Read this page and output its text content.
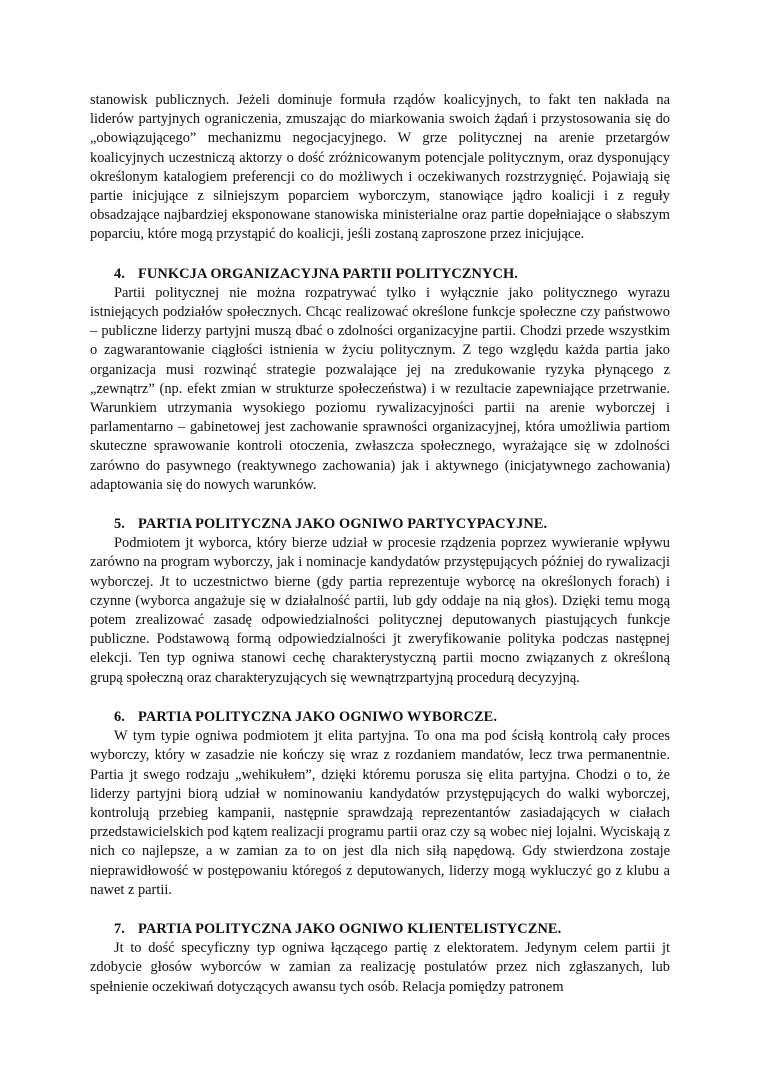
stanowisk publicznych. Jeżeli dominuje formuła rządów koalicyjnych, to fakt ten nakłada na liderów partyjnych ograniczenia, zmuszając do miarkowania swoich żądań i przystosowania się do „obowiązującego” mechanizmu negocjacyjnego. W grze politycznej na arenie przetargów koalicyjnych uczestniczą aktorzy o dość zróżnicowanym potencjale politycznym, oraz dysponujący określonym katalogiem preferencji co do możliwych i oczekiwanych rozstrzygnięć. Pojawiają się partie inicjujące z silniejszym poparciem wyborczym, stanowiące jądro koalicji i z reguły obsadzające najbardziej eksponowane stanowiska ministerialne oraz partie dopełniające o słabszym poparciu, które mogą przystąpić do koalicji, jeśli zostaną zaproszone przez inicjujące.

4. FUNKCJA ORGANIZACYJNA PARTII POLITYCZNYCH.

Partii politycznej nie można rozpatrywać tylko i wyłącznie jako politycznego wyrazu istniejących podziałów społecznych. Chcąc realizować określone funkcje społeczne czy państwowo – publiczne liderzy partyjni muszą dbać o zdolności organizacyjne partii. Chodzi przede wszystkim o zagwarantowanie ciągłości istnienia w życiu politycznym. Z tego względu każda partia jako organizacja musi rozwinąć strategie pozwalające jej na zredukowanie ryzyka płynącego z „zewnątrz” (np. efekt zmian w strukturze społeczeństwa) i w rezultacie zapewniające przetrwanie. Warunkiem utrzymania wysokiego poziomu rywalizacyjności partii na arenie wyborczej i parlamentarno – gabinetowej jest zachowanie sprawności organizacyjnej, która umożliwia partiom skuteczne sprawowanie kontroli otoczenia, zwłaszcza społecznego, wyrażające się w zdolności zarówno do pasywnego (reaktywnego zachowania) jak i aktywnego (inicjatywnego zachowania) adaptowania się do nowych warunków.

5. PARTIA POLITYCZNA JAKO OGNIWO PARTYCYPACYJNE.

Podmiotem jt wyborca, który bierze udział w procesie rządzenia poprzez wywieranie wpływu zarówno na program wyborczy, jak i nominacje kandydatów przystępujących później do rywalizacji wyborczej. Jt to uczestnictwo bierne (gdy partia reprezentuje wyborcę na określonych forach) i czynne (wyborca angażuje się w działalność partii, lub gdy oddaje na nią głos). Dzięki temu mogą potem zrealizować zasadę odpowiedzialności politycznej deputowanych piastujących funkcje publiczne. Podstawową formą odpowiedzialności jt zweryfikowanie polityka podczas następnej elekcji. Ten typ ogniwa stanowi cechę charakterystyczną partii mocno związanych z określoną grupą społeczną oraz charakteryzujących się wewnątrzpartyjną procedurą decyzyjną.

6. PARTIA POLITYCZNA JAKO OGNIWO WYBORCZE.

W tym typie ogniwa podmiotem jt elita partyjna. To ona ma pod ścisłą kontrolą cały proces wyborczy, który w zasadzie nie kończy się wraz z rozdaniem mandatów, lecz trwa permanentnie. Partia jt swego rodzaju „wehikułem”, dzięki któremu porusza się elita partyjna. Chodzi o to, że liderzy partyjni biorą udział w nominowaniu kandydatów przystępujących do walki wyborczej, kontrolują przebieg kampanii, następnie sprawdzają reprezentantów zasiadających w ciałach przedstawicielskich pod kątem realizacji programu partii oraz czy są wobec niej lojalni. Wyciskają z nich co najlepsze, a w zamian za to on jest dla nich siłą napędową. Gdy stwierdzona zostaje nieprawidłowość w postępowaniu któregoś z deputowanych, liderzy mogą wykluczyć go z klubu a nawet z partii.

7. PARTIA POLITYCZNA JAKO OGNIWO KLIENTELISTYCZNE.

Jt to dość specyficzny typ ogniwa łączącego partię z elektoratem. Jedynym celem partii jt zdobycie głosów wyborców w zamian za realizację postulatów przez nich zgłaszanych, lub spełnienie oczekiwań dotyczących awansu tych osób. Relacja pomiędzy patronem
